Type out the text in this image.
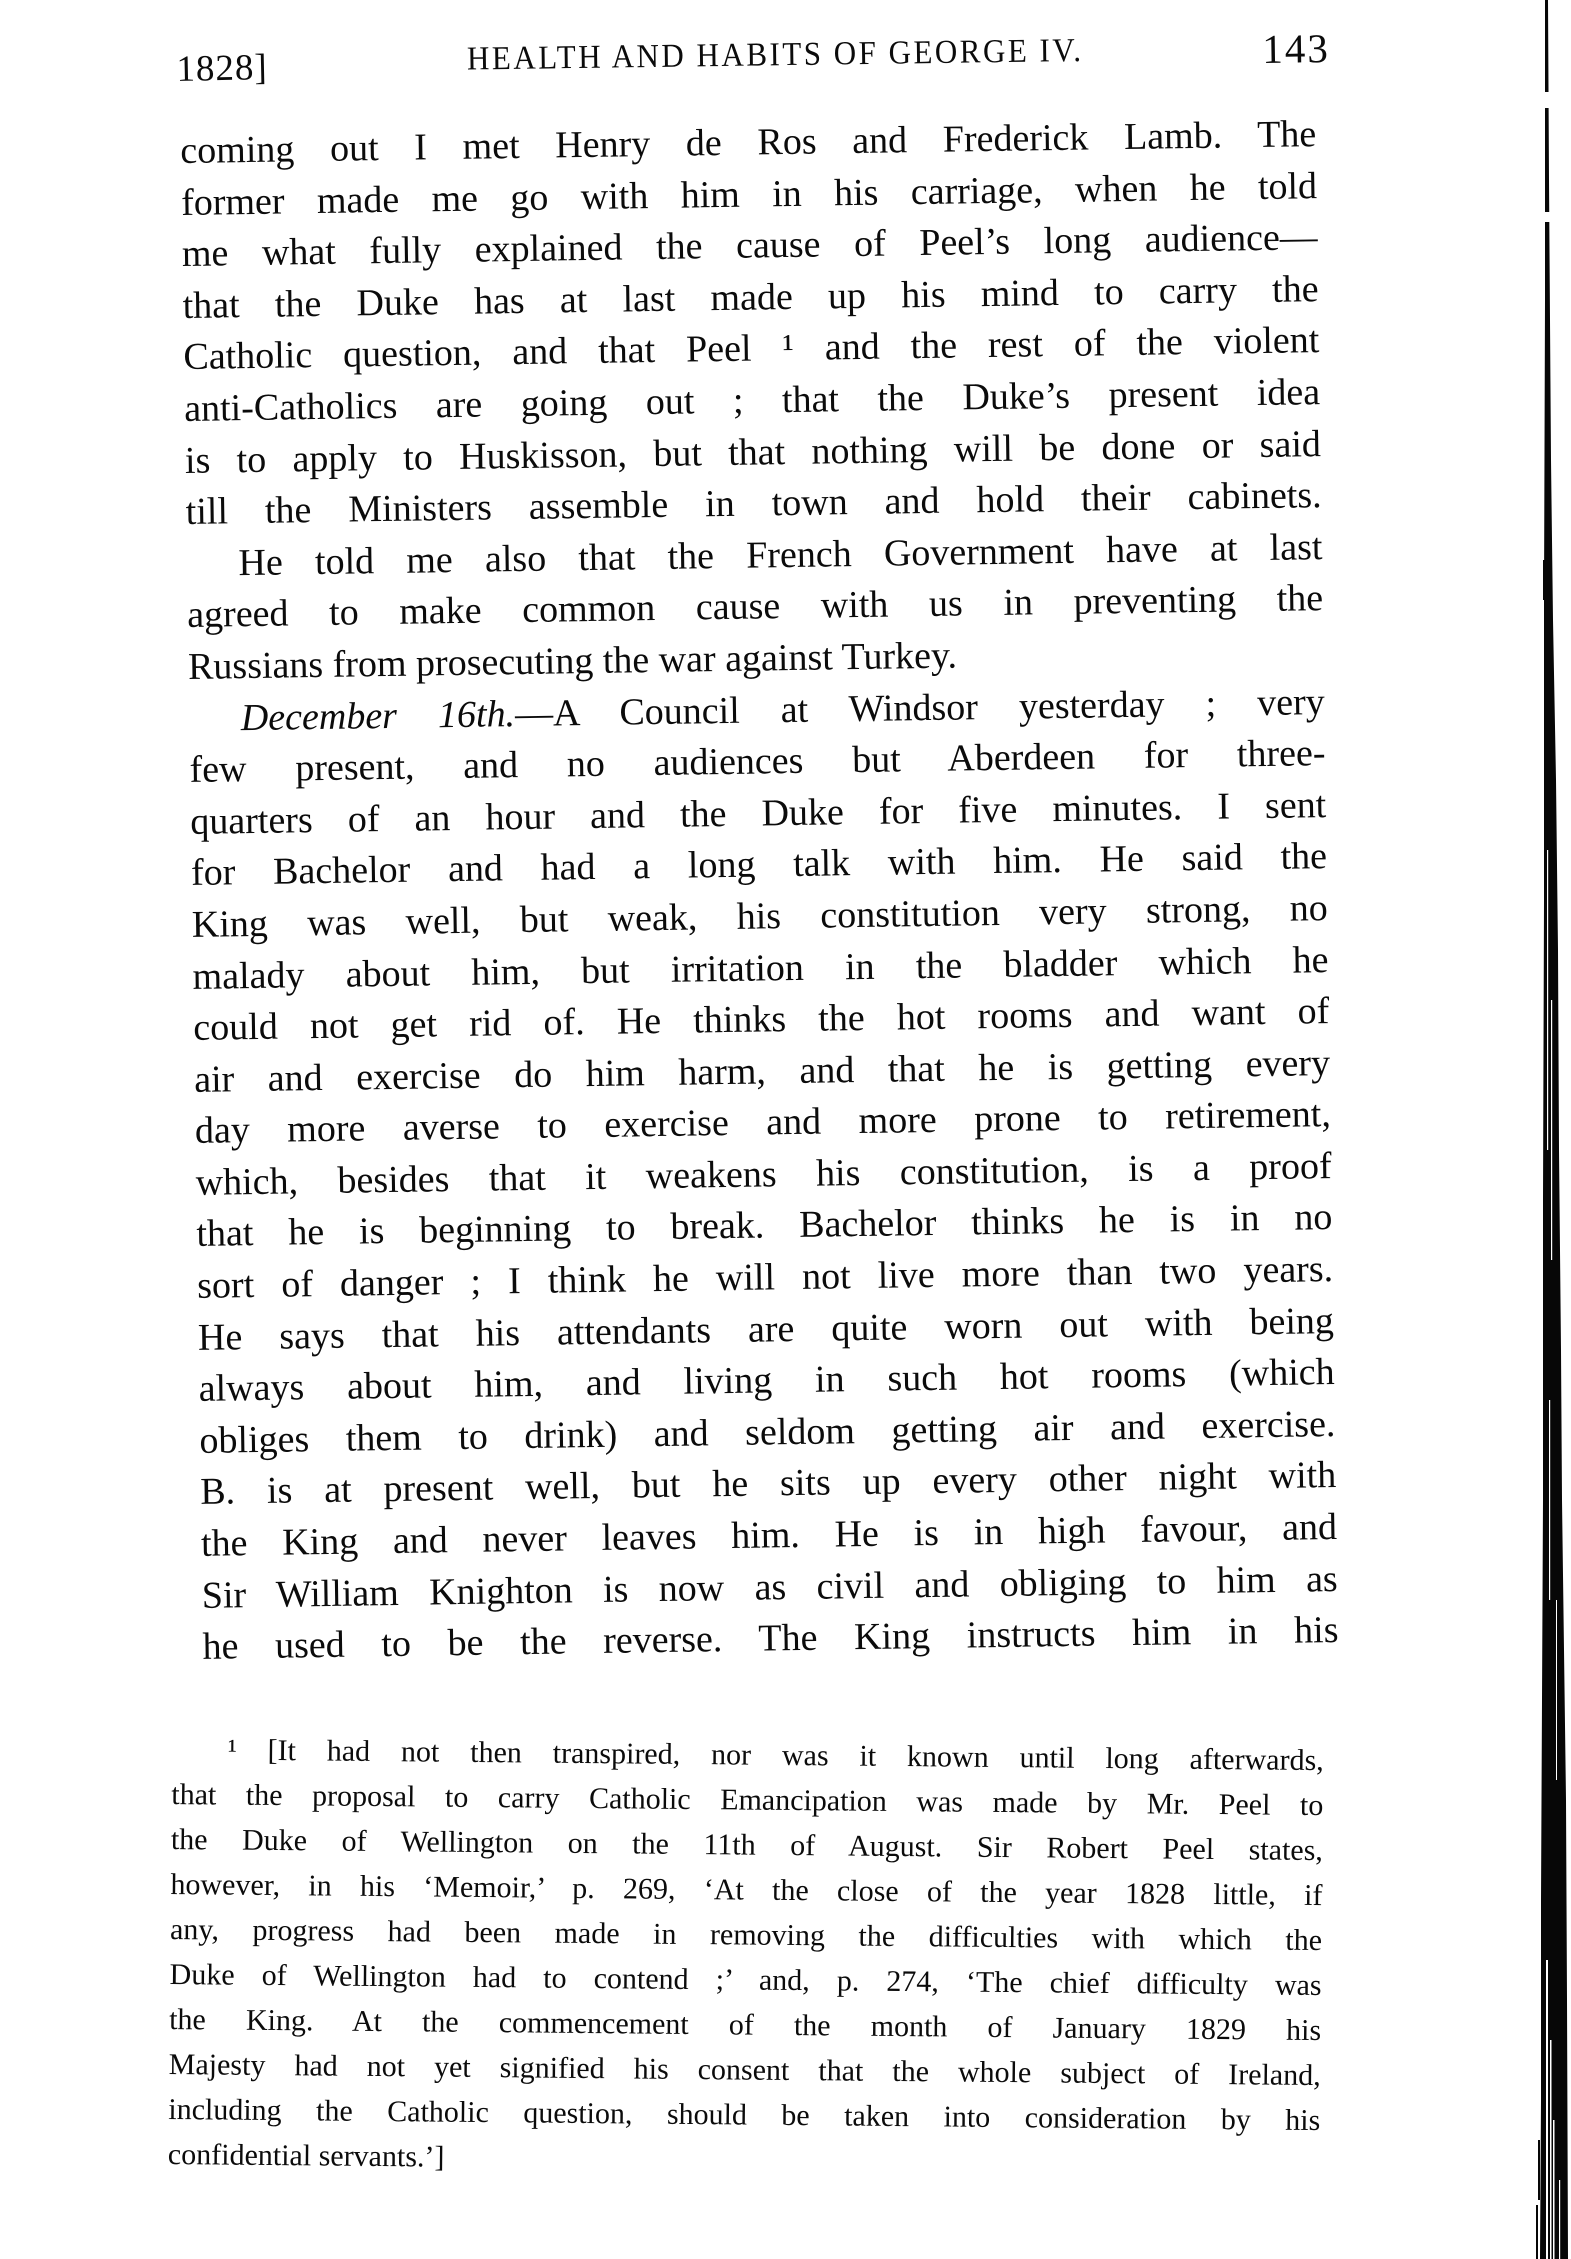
1828]	HEALTH AND HABITS OF GEORGE IV.	143
coming out I met Henry de Ros and Frederick Lamb. The
former made me go with him in his carriage, when he told
me what fully explained the cause of Peel’s long audience—
that the Duke has at last made up his mind to carry the
Catholic question, and that Peel ¹ and the rest of the violent
anti-Catholics are going out ; that the Duke’s present idea
is to apply to Huskisson, but that nothing will be done or said
till the Ministers assemble in town and hold their cabinets.
He told me also that the French Government have at last
agreed to make common cause with us in preventing the
Russians from prosecuting the war against Turkey.
December 16th.—A Council at Windsor yesterday ; very
few present, and no audiences but Aberdeen for three-
quarters of an hour and the Duke for five minutes. I sent
for Bachelor and had a long talk with him. He said the
King was well, but weak, his constitution very strong, no
malady about him, but irritation in the bladder which he
could not get rid of. He thinks the hot rooms and want of
air and exercise do him harm, and that he is getting every
day more averse to exercise and more prone to retirement,
which, besides that it weakens his constitution, is a proof
that he is beginning to break. Bachelor thinks he is in no
sort of danger ; I think he will not live more than two years.
He says that his attendants are quite worn out with being
always about him, and living in such hot rooms (which
obliges them to drink) and seldom getting air and exercise.
B. is at present well, but he sits up every other night with
the King and never leaves him. He is in high favour, and
Sir William Knighton is now as civil and obliging to him as
he used to be the reverse. The King instructs him in his
¹ [It had not then transpired, nor was it known until long afterwards,
that the proposal to carry Catholic Emancipation was made by Mr. Peel to
the Duke of Wellington on the 11th of August. Sir Robert Peel states,
however, in his ‘Memoir,’ p. 269, ‘At the close of the year 1828 little, if
any, progress had been made in removing the difficulties with which the
Duke of Wellington had to contend ;’ and, p. 274, ‘The chief difficulty was
the King. At the commencement of the month of January 1829 his
Majesty had not yet signified his consent that the whole subject of Ireland,
including the Catholic question, should be taken into consideration by his
confidential servants.’]
